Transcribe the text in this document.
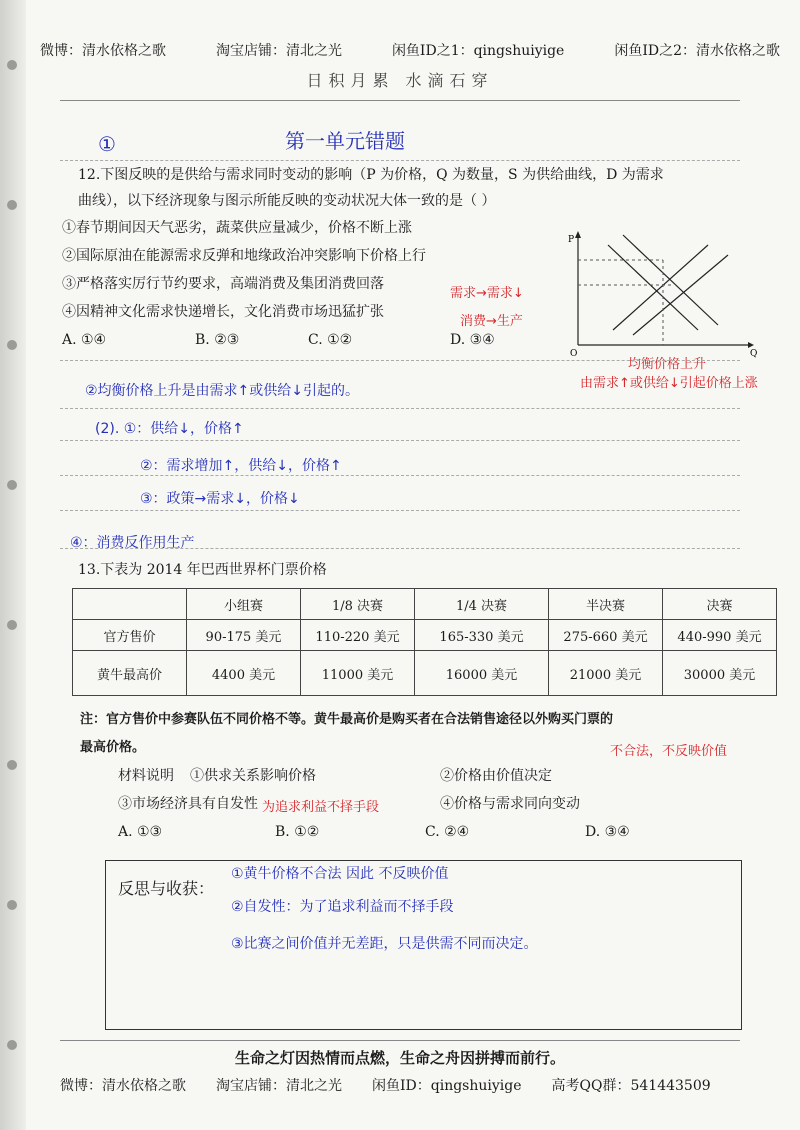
微博：清水依格之歌	淘宝店铺：清北之光	闲鱼ID之1：qingshuiyige	闲鱼ID之2：清水依格之歌
日积月累 水滴石穿
第一单元错题
①
12.下图反映的是供给与需求同时变动的影响（P 为价格，Q 为数量，S 为供给曲线，D 为需求
曲线），以下经济现象与图示所能反映的变动状况大体一致的是（ ）
①春节期间因天气恶劣，蔬菜供应量减少，价格不断上涨
②国际原油在能源需求反弹和地缘政治冲突影响下价格上行
③严格落实厉行节约要求，高端消费及集团消费回落
④因精神文化需求快递增长，文化消费市场迅猛扩张
A. ①④	B. ②③	C. ①②	D. ③④
需求→需求↓
消费→生产
P
Q
O
均衡价格上升
由需求↑或供给↓引起价格上涨
②均衡价格上升是由需求↑或供给↓引起的。
(2). ①：供给↓，价格↑
②：需求增加↑，供给↓，价格↑
③：政策→需求↓，价格↓
④：消费反作用生产
13.下表为 2014 年巴西世界杯门票价格
	小组赛	1/8 决赛	1/4 决赛	半决赛	决赛
官方售价	90-175 美元	110-220 美元	165-330 美元	275-660 美元	440-990 美元
黄牛最高价	4400 美元	11000 美元	16000 美元	21000 美元	30000 美元
注：官方售价中参赛队伍不同价格不等。黄牛最高价是购买者在合法销售途径以外购买门票的
最高价格。	不合法，不反映价值
材料说明 ①供求关系影响价格	②价格由价值决定
③市场经济具有自发性 为追求利益不择手段	④价格与需求同向变动
A. ①③	B. ①②	C. ②④	D. ③④
反思与收获：
①黄牛价格不合法 因此 不反映价值
②自发性：为了追求利益而不择手段
③比赛之间价值并无差距，只是供需不同而决定。
生命之灯因热情而点燃，生命之舟因拼搏而前行。
微博：清水依格之歌 淘宝店铺：清北之光 闲鱼ID：qingshuiyige 高考QQ群：541443509
